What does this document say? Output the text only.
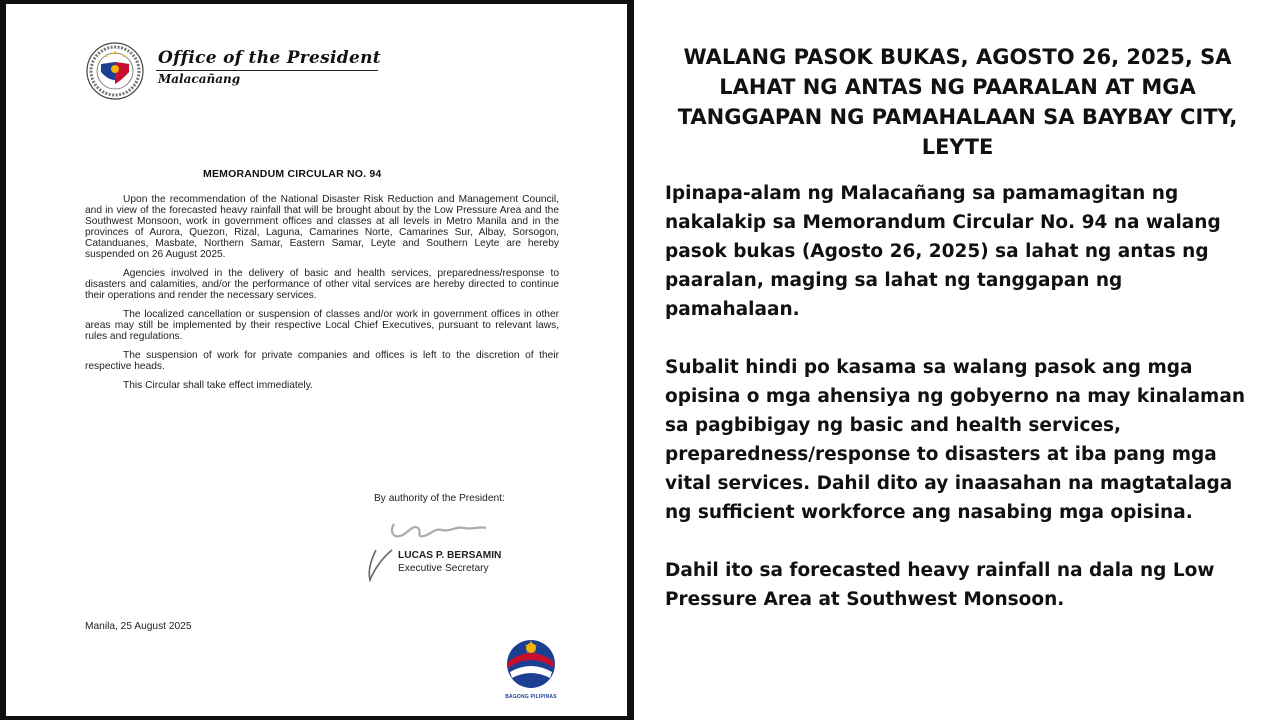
Office of the President
Malacañang
MEMORANDUM CIRCULAR NO. 94

Upon the recommendation of the National Disaster Risk Reduction and Management Council, and in view of the forecasted heavy rainfall that will be brought about by the Low Pressure Area and the Southwest Monsoon, work in government offices and classes at all levels in Metro Manila and in the provinces of Aurora, Quezon, Rizal, Laguna, Camarines Norte, Camarines Sur, Albay, Sorsogon, Catanduanes, Masbate, Northern Samar, Eastern Samar, Leyte and Southern Leyte are hereby suspended on 26 August 2025.

Agencies involved in the delivery of basic and health services, preparedness/response to disasters and calamities, and/or the performance of other vital services are hereby directed to continue their operations and render the necessary services.

The localized cancellation or suspension of classes and/or work in government offices in other areas may still be implemented by their respective Local Chief Executives, pursuant to relevant laws, rules and regulations.

The suspension of work for private companies and offices is left to the discretion of their respective heads.

This Circular shall take effect immediately.

By authority of the President:
LUCAS P. BERSAMIN
Executive Secretary
Manila, 25 August 2025
BAGONG PILIPINAS
WALANG PASOK BUKAS, AGOSTO 26, 2025, SA LAHAT NG ANTAS NG PAARALAN AT MGA TANGGAPAN NG PAMAHALAAN SA BAYBAY CITY, LEYTE
Ipinapa-alam ng Malacañang sa pamamagitan ng nakalakip sa Memorandum Circular No. 94 na walang pasok bukas (Agosto 26, 2025) sa lahat ng antas ng paaralan, maging sa lahat ng tanggapan ng pamahalaan.
Subalit hindi po kasama sa walang pasok ang mga opisina o mga ahensiya ng gobyerno na may kinalaman sa pagbibigay ng basic and health services, preparedness/response to disasters at iba pang mga vital services. Dahil dito ay inaasahan na magtatalaga ng sufficient workforce ang nasabing mga opisina.
Dahil ito sa forecasted heavy rainfall na dala ng Low Pressure Area at Southwest Monsoon.
